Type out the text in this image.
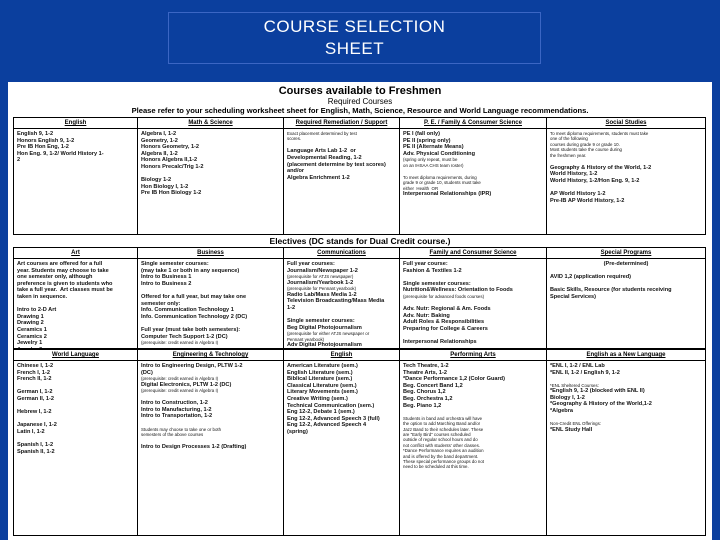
COURSE SELECTION
SHEET
Courses available to Freshmen
Required Courses
Please refer to your scheduling worksheet sheet for English, Math, Science, Resource and World Language recommendations.
English
English 9, 1-2
Honors English 9, 1-2
Pre IB Hon Eng, 1-2
Hon Eng. 9, 1-2/ World History 1-
2
Math & Science
Algebra I, 1-2
Geometry, 1-2
Honors Geometry, 1-2
Algebra II, 1-2
Honors Algebra II,1-2
Honors Precalc/Trig 1-2

Biology 1-2
Hon Biology I, 1-2
Pre IB Hon Biology 1-2
Required Remediation / Support
Exact placement determined by test
scores.

Language Arts Lab 1-2  or
Developmental Reading, 1-2
(placement determine by test scores)
and/or
Algebra Enrichment 1-2
P. E. / Family & Consumer Science
PE I (fall only)
PE II (spring only)
PE II (Alternate Means)
Adv. Physical Conditioning
(spring only repeat, must be
on an IHSAA CHS team roster)

To meet diploma requirements, during
grade 9 or grade 10, students must take
either  Health  OR
Interpersonal Relationships (IPR)
Social Studies
To meet diploma requirements, students must take
one of the following
courses during grade 9 or grade 10.
Most students take the course during
the freshmen year.

Geography & History of the World, 1-2
World History, 1-2
World History, 1-2/Hon Eng. 9, 1-2

AP World History 1-2
Pre-IB AP World History, 1-2
Electives (DC stands for Dual Credit course.)
Art
Art courses are offered for a full
year. Students may choose to take
one semester only, although
preference is given to students who
take a full year.  Art classes must be
taken in sequence.

Intro to 2-D Art
Drawing 1
Drawing 2
Ceramics 1
Ceramics 2
Jewelry 1
Business
Single semester courses:
(may take 1 or both in any sequence)
Intro to Business 1
Intro to Business 2

Offered for a full year, but may take one
semester only:
Info. Communication Technology 1
Info. Communication Technology 2 (DC)

Full year (must take both semesters):
Computer Tech Support 1-2 (DC)
(prerequisite: credit earned in Algebra I)
Communications
Full year courses:
Journalism/Newspaper 1-2
(prerequisite for ATJS newspaper)
Journalism/Yearbook 1-2
(prerequisite for Pennant yearbook)
Radio Lab/Mass Media 1-2
Television Broadcasting/Mass Media
1-2

Single semester courses:
Beg Digital Photojournalism
(prerequisite for either ATJS newspaper or
Pennant yearbook)
Adv Digital Photojournalism
Family and Consumer Science
Full year course:
Fashion & Textiles 1-2

Single semester courses:
Nutrition&Wellness: Orientation to Foods
(prerequisite for advanced foods courses)

Adv. Nutr: Regional & Am. Foods
Adv. Nutr: Baking
Adult Roles & Responsibilities
Preparing for College & Careers

Interpersonal Relationships
Special Programs
(Pre-determined)

AVID 1,2 (application required)

Basic Skills, Resource (for students receiving
Special Services)
World Language
Chinese I, 1-2
French I, 1-2
French II, 1-2

German I, 1-2
German II, 1-2

Hebrew I, 1-2

Japanese I, 1-2
Latin I, 1-2

Spanish I, 1-2
Spanish II, 1-2
Engineering & Technology
Intro to Engineering Design, PLTW 1-2
(DC)
(prerequisite: credit earned in Algebra I)
Digital Electronics, PLTW 1-2 (DC)
(prerequisite: credit earned in Algebra I)

Intro to Construction, 1-2
Intro to Manufacturing, 1-2
Intro to Transportation, 1-2

Students may choose to take one or both
semesters of the above courses

Intro to Design Processes 1-2 (Drafting)
English
American Literature (sem.)
English Literature (sem.)
Biblical Literature (sem.)
Classical Literature (sem.)
Literary Movements (sem.)
Creative Writing (sem.)
Technical Communication (sem.)
Eng 12-2, Debate 1 (sem.)
Eng 12-2, Advanced Speech 3 (full)
Eng 12-2, Advanced Speech 4
(spring)
Performing Arts
Tech Theatre, 1-2
Theatre Arts, 1-2
*Dance Performance 1,2 (Color Guard)
Beg. Concert Band 1,2
Beg. Chorus 1,2
Beg. Orchestra 1,2
Beg. Piano 1,2

Students in band and orchestra will have
the option to add Marching Band and/or
Jazz Band to their schedules later. These
are "Early Bird" courses scheduled
outside of regular school hours and do
not conflict with students' other classes.
*Dance Performance requires an audition
and is offered by the band department.
These special performance groups do not
need to be scheduled at this time.
English as a New Language
*ENL I, 1-2 / ENL Lab
*ENL II, 1-2 / English 9, 1-2

*ENL Sheltered Courses:
*English 9, 1-2 (blocked with ENL II)
Biology I, 1-2
*Geography & History of the World,1-2
*Algebra

Non-Credit ENL Offerings:
*ENL Study Hall
